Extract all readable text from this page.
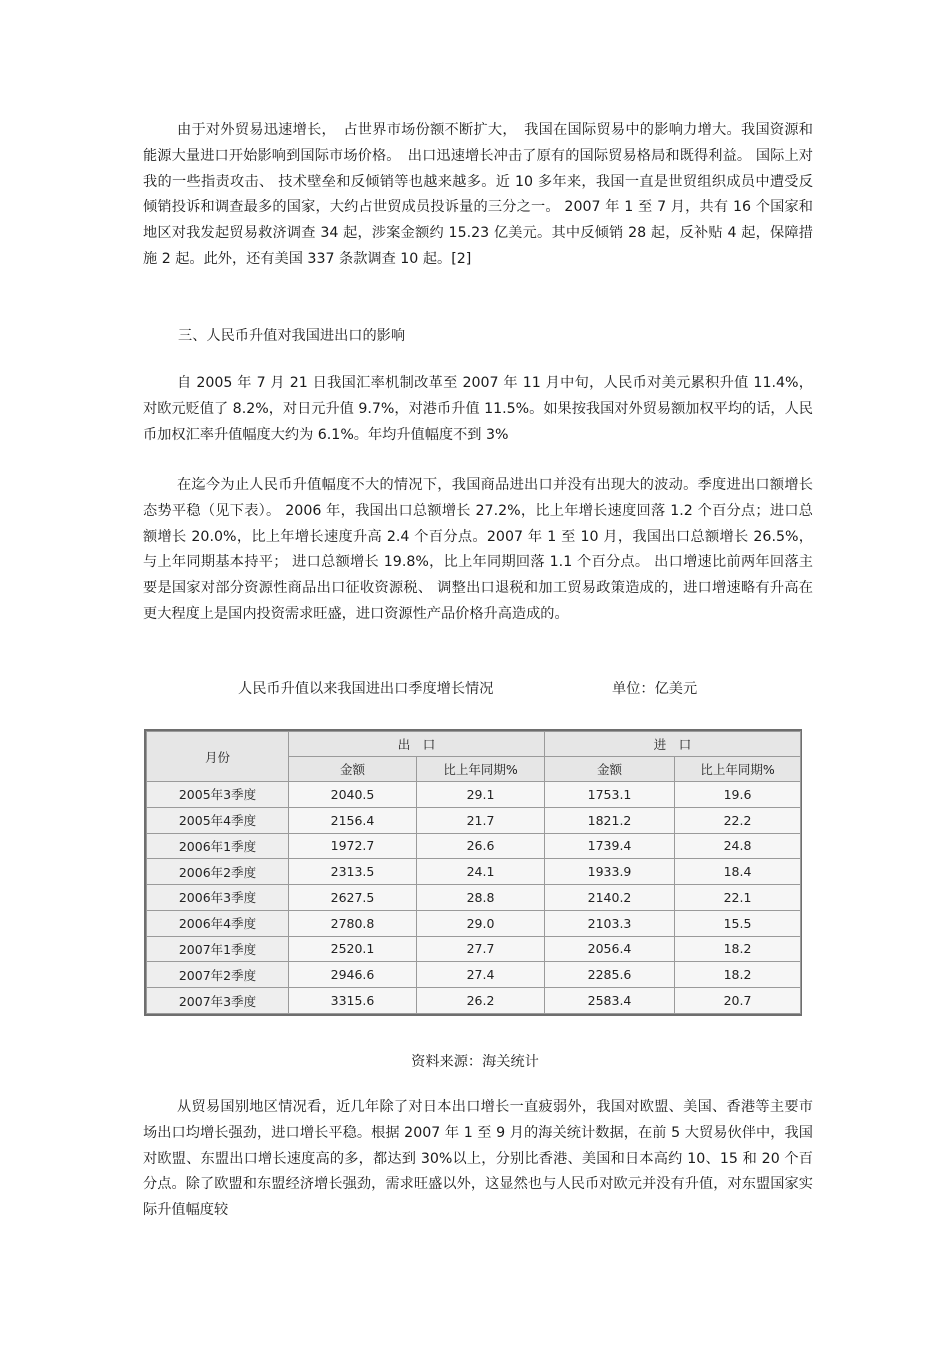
由于对外贸易迅速增长，　占世界市场份额不断扩大，　我国在国际贸易中的影响力增大。我国资源和能源大量进口开始影响到国际市场价格。　出口迅速增长冲击了原有的国际贸易格局和既得利益。 国际上对我的一些指责攻击、 技术壁垒和反倾销等也越来越多。近 10 多年来，我国一直是世贸组织成员中遭受反倾销投诉和调查最多的国家，大约占世贸成员投诉量的三分之一。 2007 年 1 至 7 月，共有 16 个国家和地区对我发起贸易救济调查 34 起，涉案金额约 15.23 亿美元。其中反倾销 28 起，反补贴 4 起，保障措施 2 起。此外，还有美国 337 条款调查 10 起。[2]

三、人民币升值对我国进出口的影响

自 2005 年 7 月 21 日我国汇率机制改革至 2007 年 11 月中旬，人民币对美元累积升值 11.4%，对欧元贬值了 8.2%，对日元升值 9.7%，对港币升值 11.5%。如果按我国对外贸易额加权平均的话，人民币加权汇率升值幅度大约为 6.1%。年均升值幅度不到 3%

在迄今为止人民币升值幅度不大的情况下，我国商品进出口并没有出现大的波动。季度进出口额增长态势平稳（见下表）。 2006 年，我国出口总额增长 27.2%，比上年增长速度回落 1.2 个百分点；进口总额增长 20.0%，比上年增长速度升高 2.4 个百分点。2007 年 1 至 10 月，我国出口总额增长 26.5%，与上年同期基本持平； 进口总额增长 19.8%，比上年同期回落 1.1 个百分点。 出口增速比前两年回落主要是国家对部分资源性商品出口征收资源税、 调整出口退税和加工贸易政策造成的，进口增速略有升高在更大程度上是国内投资需求旺盛，进口资源性产品价格升高造成的。

人民币升值以来我国进出口季度增长情况	单位：亿美元
月份	出　口		进　口	
	金额	比上年同期%	金额	比上年同期%
2005年3季度	2040.5	29.1	1753.1	19.6
2005年4季度	2156.4	21.7	1821.2	22.2
2006年1季度	1972.7	26.6	1739.4	24.8
2006年2季度	2313.5	24.1	1933.9	18.4
2006年3季度	2627.5	28.8	2140.2	22.1
2006年4季度	2780.8	29.0	2103.3	15.5
2007年1季度	2520.1	27.7	2056.4	18.2
2007年2季度	2946.6	27.4	2285.6	18.2
2007年3季度	3315.6	26.2	2583.4	20.7
资料来源：海关统计

从贸易国别地区情况看，近几年除了对日本出口增长一直疲弱外，我国对欧盟、美国、香港等主要市场出口均增长强劲，进口增长平稳。根据 2007 年 1 至 9 月的海关统计数据，在前 5 大贸易伙伴中，我国对欧盟、东盟出口增长速度高的多，都达到 30%以上，分别比香港、美国和日本高约 10、15 和 20 个百分点。除了欧盟和东盟经济增长强劲，需求旺盛以外，这显然也与人民币对欧元并没有升值，对东盟国家实际升值幅度较
